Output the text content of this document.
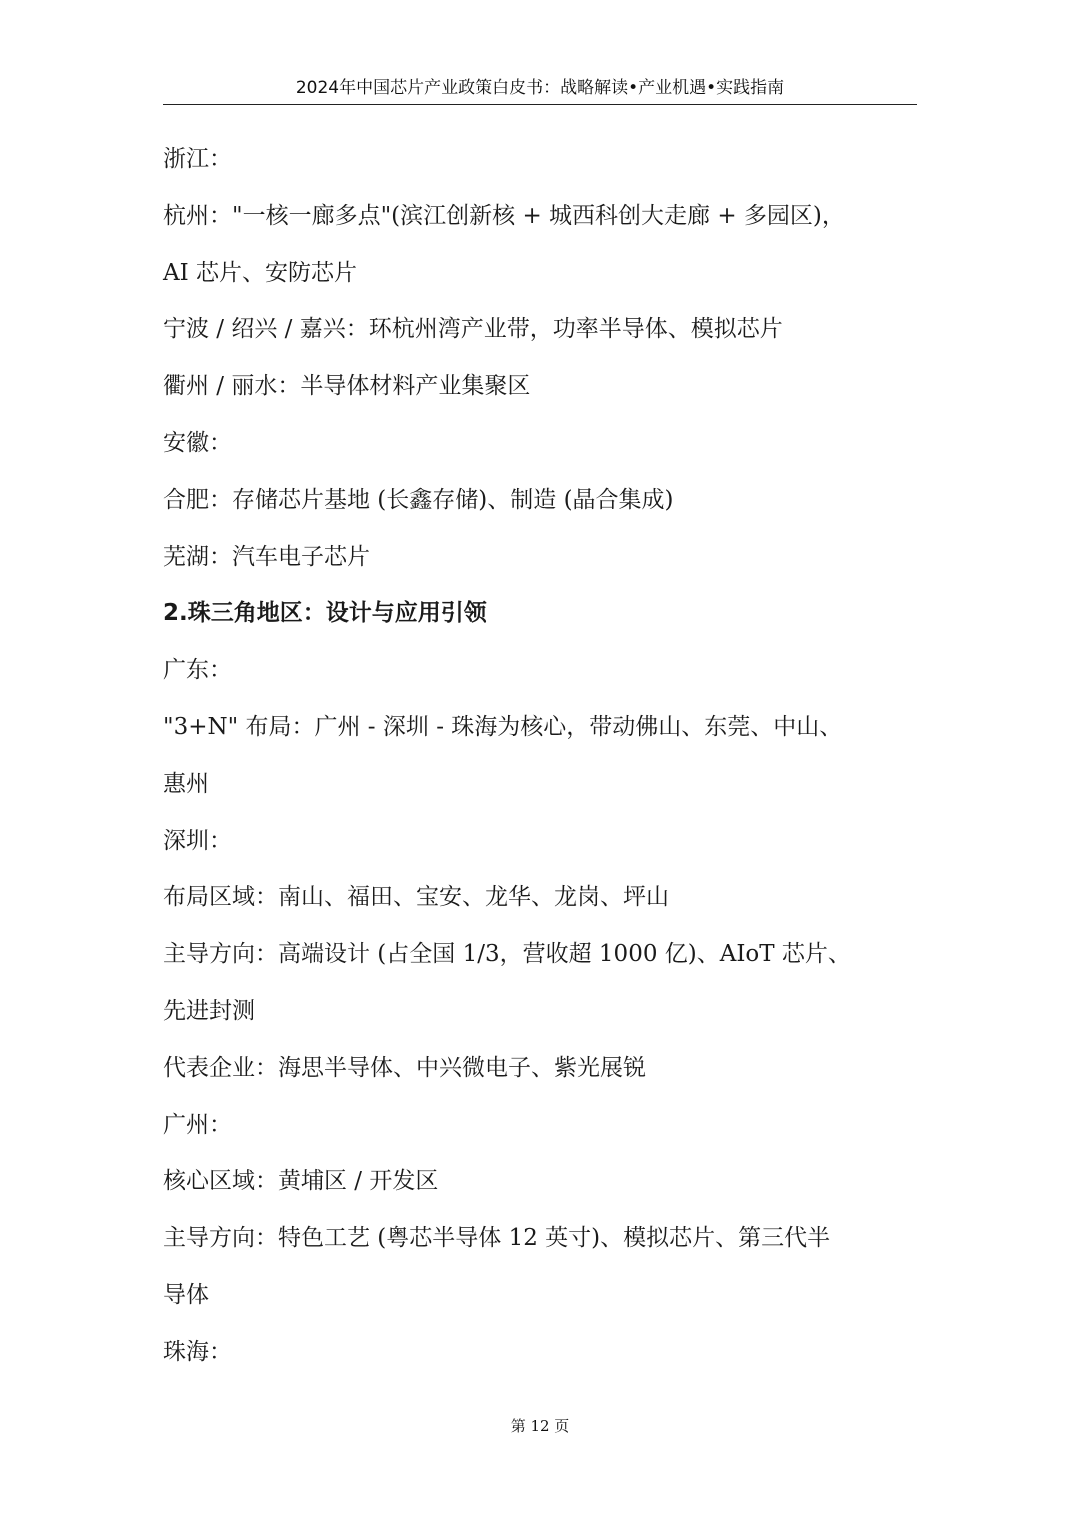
2024年中国芯片产业政策白皮书：战略解读•产业机遇•实践指南
浙江：
杭州："一核一廊多点"(滨江创新核 + 城西科创大走廊 + 多园区)，
AI 芯片、安防芯片
宁波 / 绍兴 / 嘉兴：环杭州湾产业带，功率半导体、模拟芯片
衢州 / 丽水：半导体材料产业集聚区
安徽：
合肥：存储芯片基地 (长鑫存储)、制造 (晶合集成)
芜湖：汽车电子芯片
2.珠三角地区：设计与应用引领
广东：
"3+N" 布局：广州 - 深圳 - 珠海为核心，带动佛山、东莞、中山、
惠州
深圳：
布局区域：南山、福田、宝安、龙华、龙岗、坪山
主导方向：高端设计 (占全国 1/3，营收超 1000 亿)、AIoT 芯片、
先进封测
代表企业：海思半导体、中兴微电子、紫光展锐
广州：
核心区域：黄埔区 / 开发区
主导方向：特色工艺 (粤芯半导体 12 英寸)、模拟芯片、第三代半
导体
珠海：
第 12 页
